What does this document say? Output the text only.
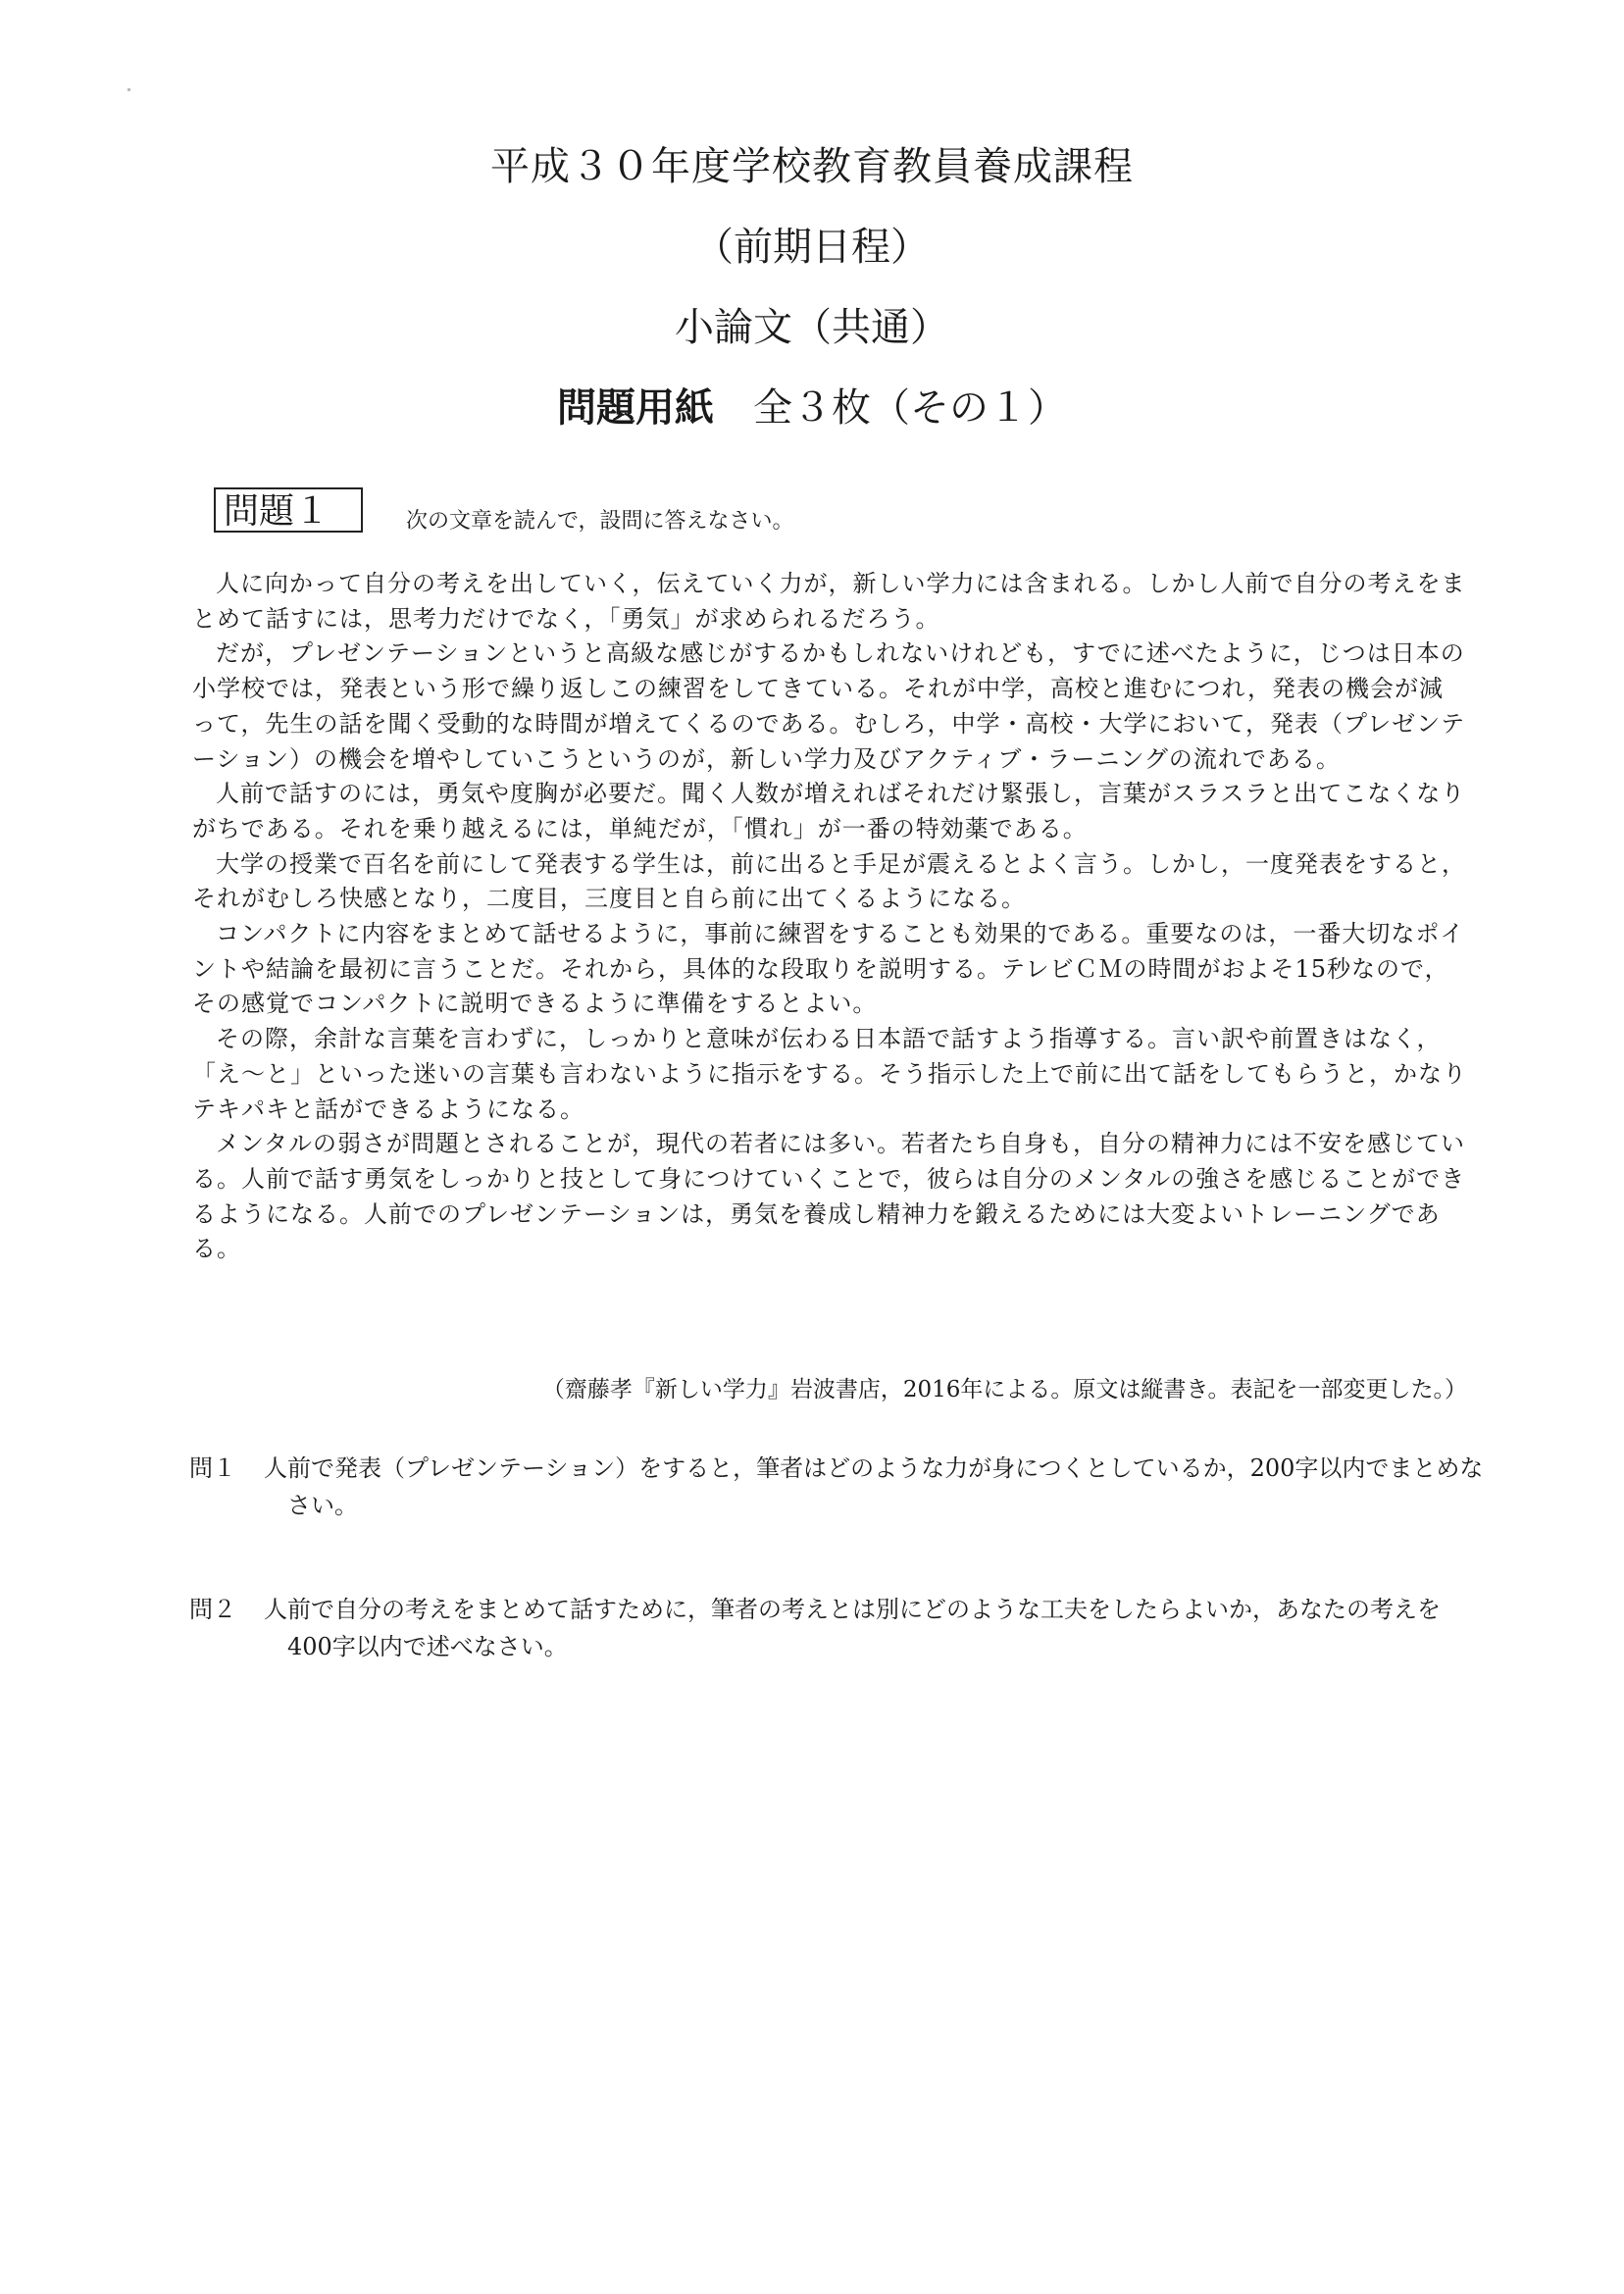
平成３０年度学校教育教員養成課程
（前期日程）
小論文（共通）
問題用紙 全３枚（その１）
問題１	次の文章を読んで，設問に答えなさい。

人に向かって自分の考えを出していく，伝えていく力が，新しい学力には含まれる。しかし人前で自分の考えをまとめて話すには，思考力だけでなく，「勇気」が求められるだろう。

だが，プレゼンテーションというと高級な感じがするかもしれないけれども，すでに述べたように，じつは日本の小学校では，発表という形で繰り返しこの練習をしてきている。それが中学，高校と進むにつれ，発表の機会が減って，先生の話を聞く受動的な時間が増えてくるのである。むしろ，中学・高校・大学において，発表（プレゼンテーション）の機会を増やしていこうというのが，新しい学力及びアクティブ・ラーニングの流れである。

人前で話すのには，勇気や度胸が必要だ。聞く人数が増えればそれだけ緊張し，言葉がスラスラと出てこなくなりがちである。それを乗り越えるには，単純だが，「慣れ」が一番の特効薬である。

大学の授業で百名を前にして発表する学生は，前に出ると手足が震えるとよく言う。しかし，一度発表をすると，それがむしろ快感となり，二度目，三度目と自ら前に出てくるようになる。

コンパクトに内容をまとめて話せるように，事前に練習をすることも効果的である。重要なのは，一番大切なポイントや結論を最初に言うことだ。それから，具体的な段取りを説明する。テレビＣＭの時間がおよそ15秒なので，その感覚でコンパクトに説明できるように準備をするとよい。

その際，余計な言葉を言わずに，しっかりと意味が伝わる日本語で話すよう指導する。言い訳や前置きはなく，「え〜と」といった迷いの言葉も言わないように指示をする。そう指示した上で前に出て話をしてもらうと，かなりテキパキと話ができるようになる。

メンタルの弱さが問題とされることが，現代の若者には多い。若者たち自身も，自分の精神力には不安を感じている。人前で話す勇気をしっかりと技として身につけていくことで，彼らは自分のメンタルの強さを感じることができるようになる。人前でのプレゼンテーションは，勇気を養成し精神力を鍛えるためには大変よいトレーニングである。

（齋藤孝『新しい学力』岩波書店，2016年による。原文は縦書き。表記を一部変更した。）
問１ 人前で発表（プレゼンテーション）をすると，筆者はどのような力が身につくとしているか，200字以内でまとめなさい。
問２ 人前で自分の考えをまとめて話すために，筆者の考えとは別にどのような工夫をしたらよいか，あなたの考えを400字以内で述べなさい。
